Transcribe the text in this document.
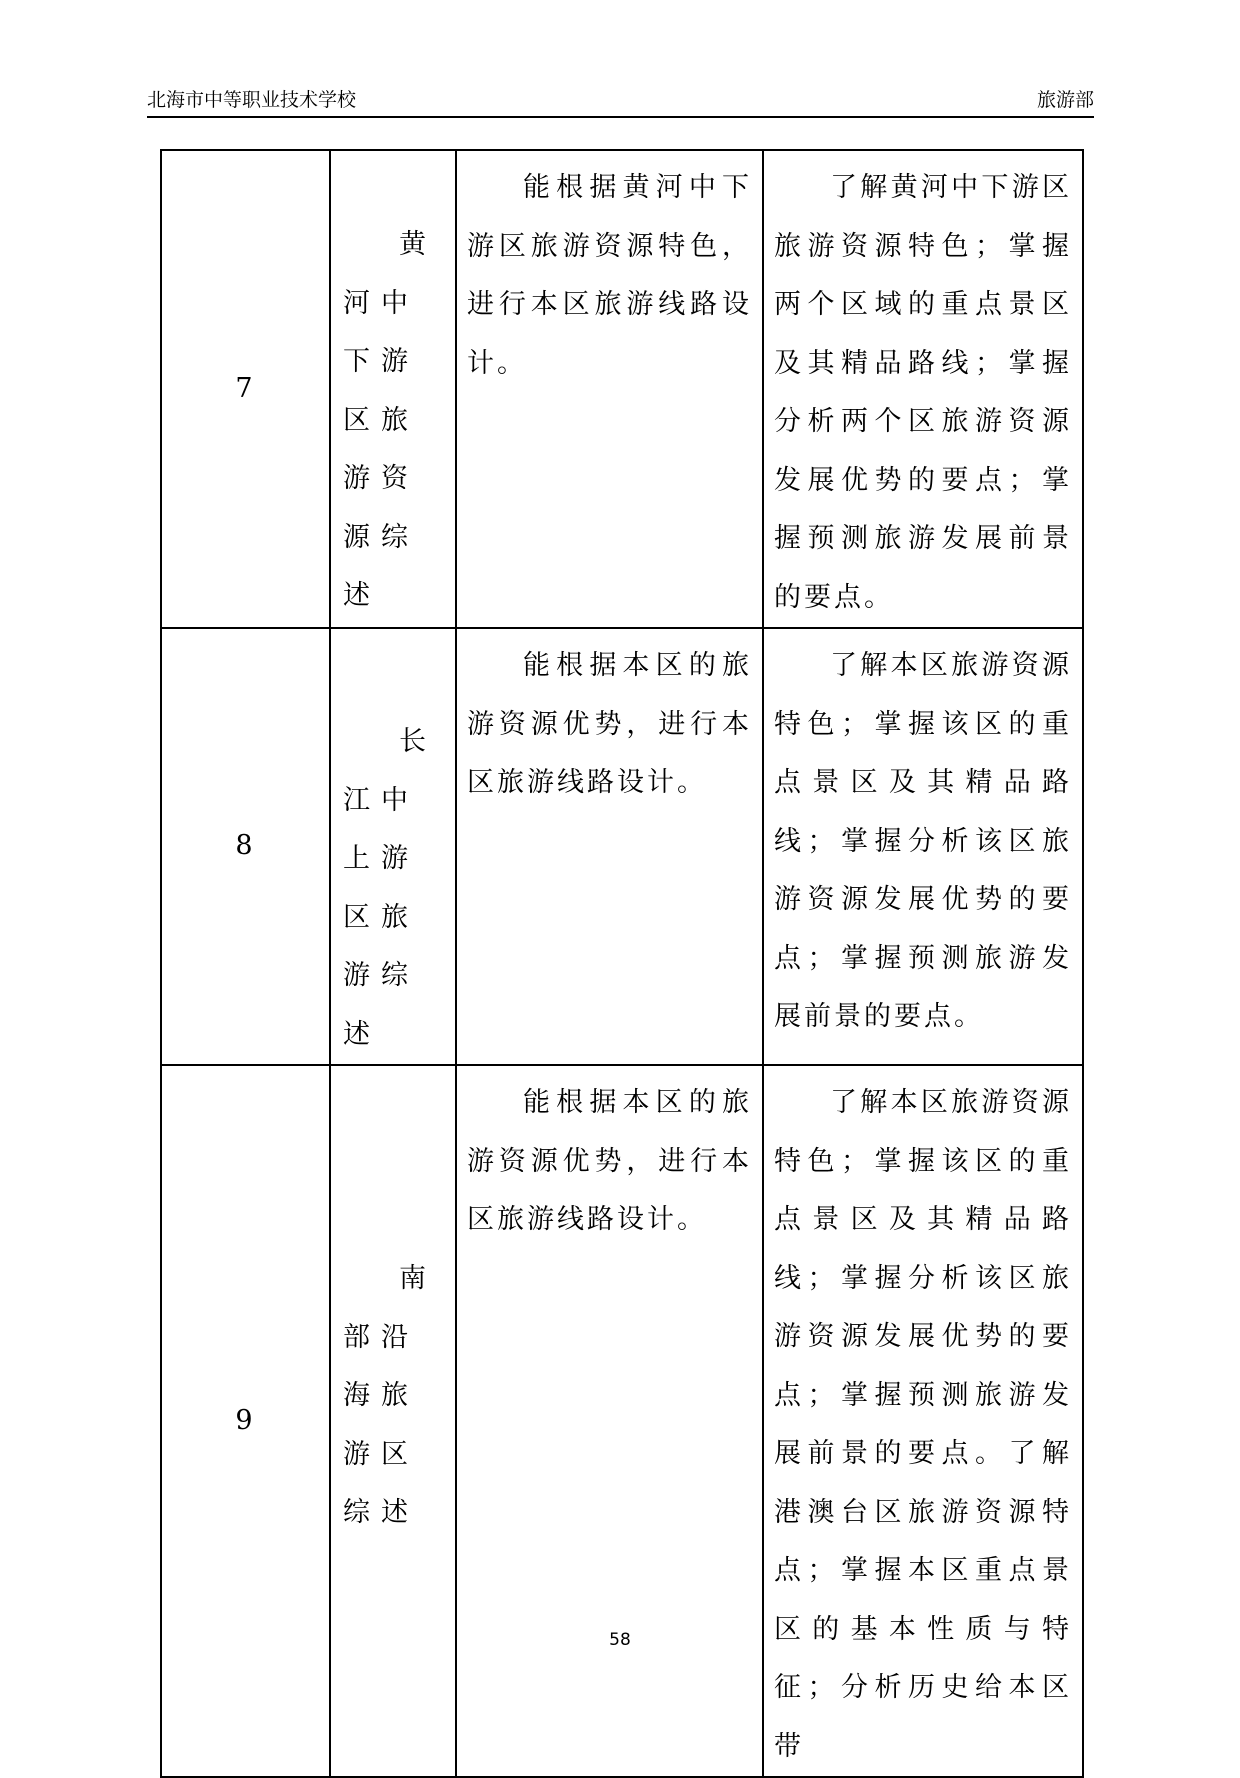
北海市中等职业技术学校	旅游部
7	黄河中下游区旅游资源综述	能根据黄河中下游区旅游资源特色，进行本区旅游线路设计。	了解黄河中下游区旅游资源特色；掌握两个区域的重点景区及其精品路线；掌握分析两个区旅游资源发展优势的要点；掌握预测旅游发展前景的要点。

8	长江中上游区旅游综述	能根据本区的旅游资源优势，进行本区旅游线路设计。	了解本区旅游资源特色；掌握该区的重点景区及其精品路线；掌握分析该区旅游资源发展优势的要点；掌握预测旅游发展前景的要点。

9	南部沿海旅游区综述	能根据本区的旅游资源优势，进行本区旅游线路设计。	了解本区旅游资源特色；掌握该区的重点景区及其精品路线；掌握分析该区旅游资源发展优势的要点；掌握预测旅游发展前景的要点。了解港澳台区旅游资源特点；掌握本区重点景区的基本性质与特征；分析历史给本区带
58
